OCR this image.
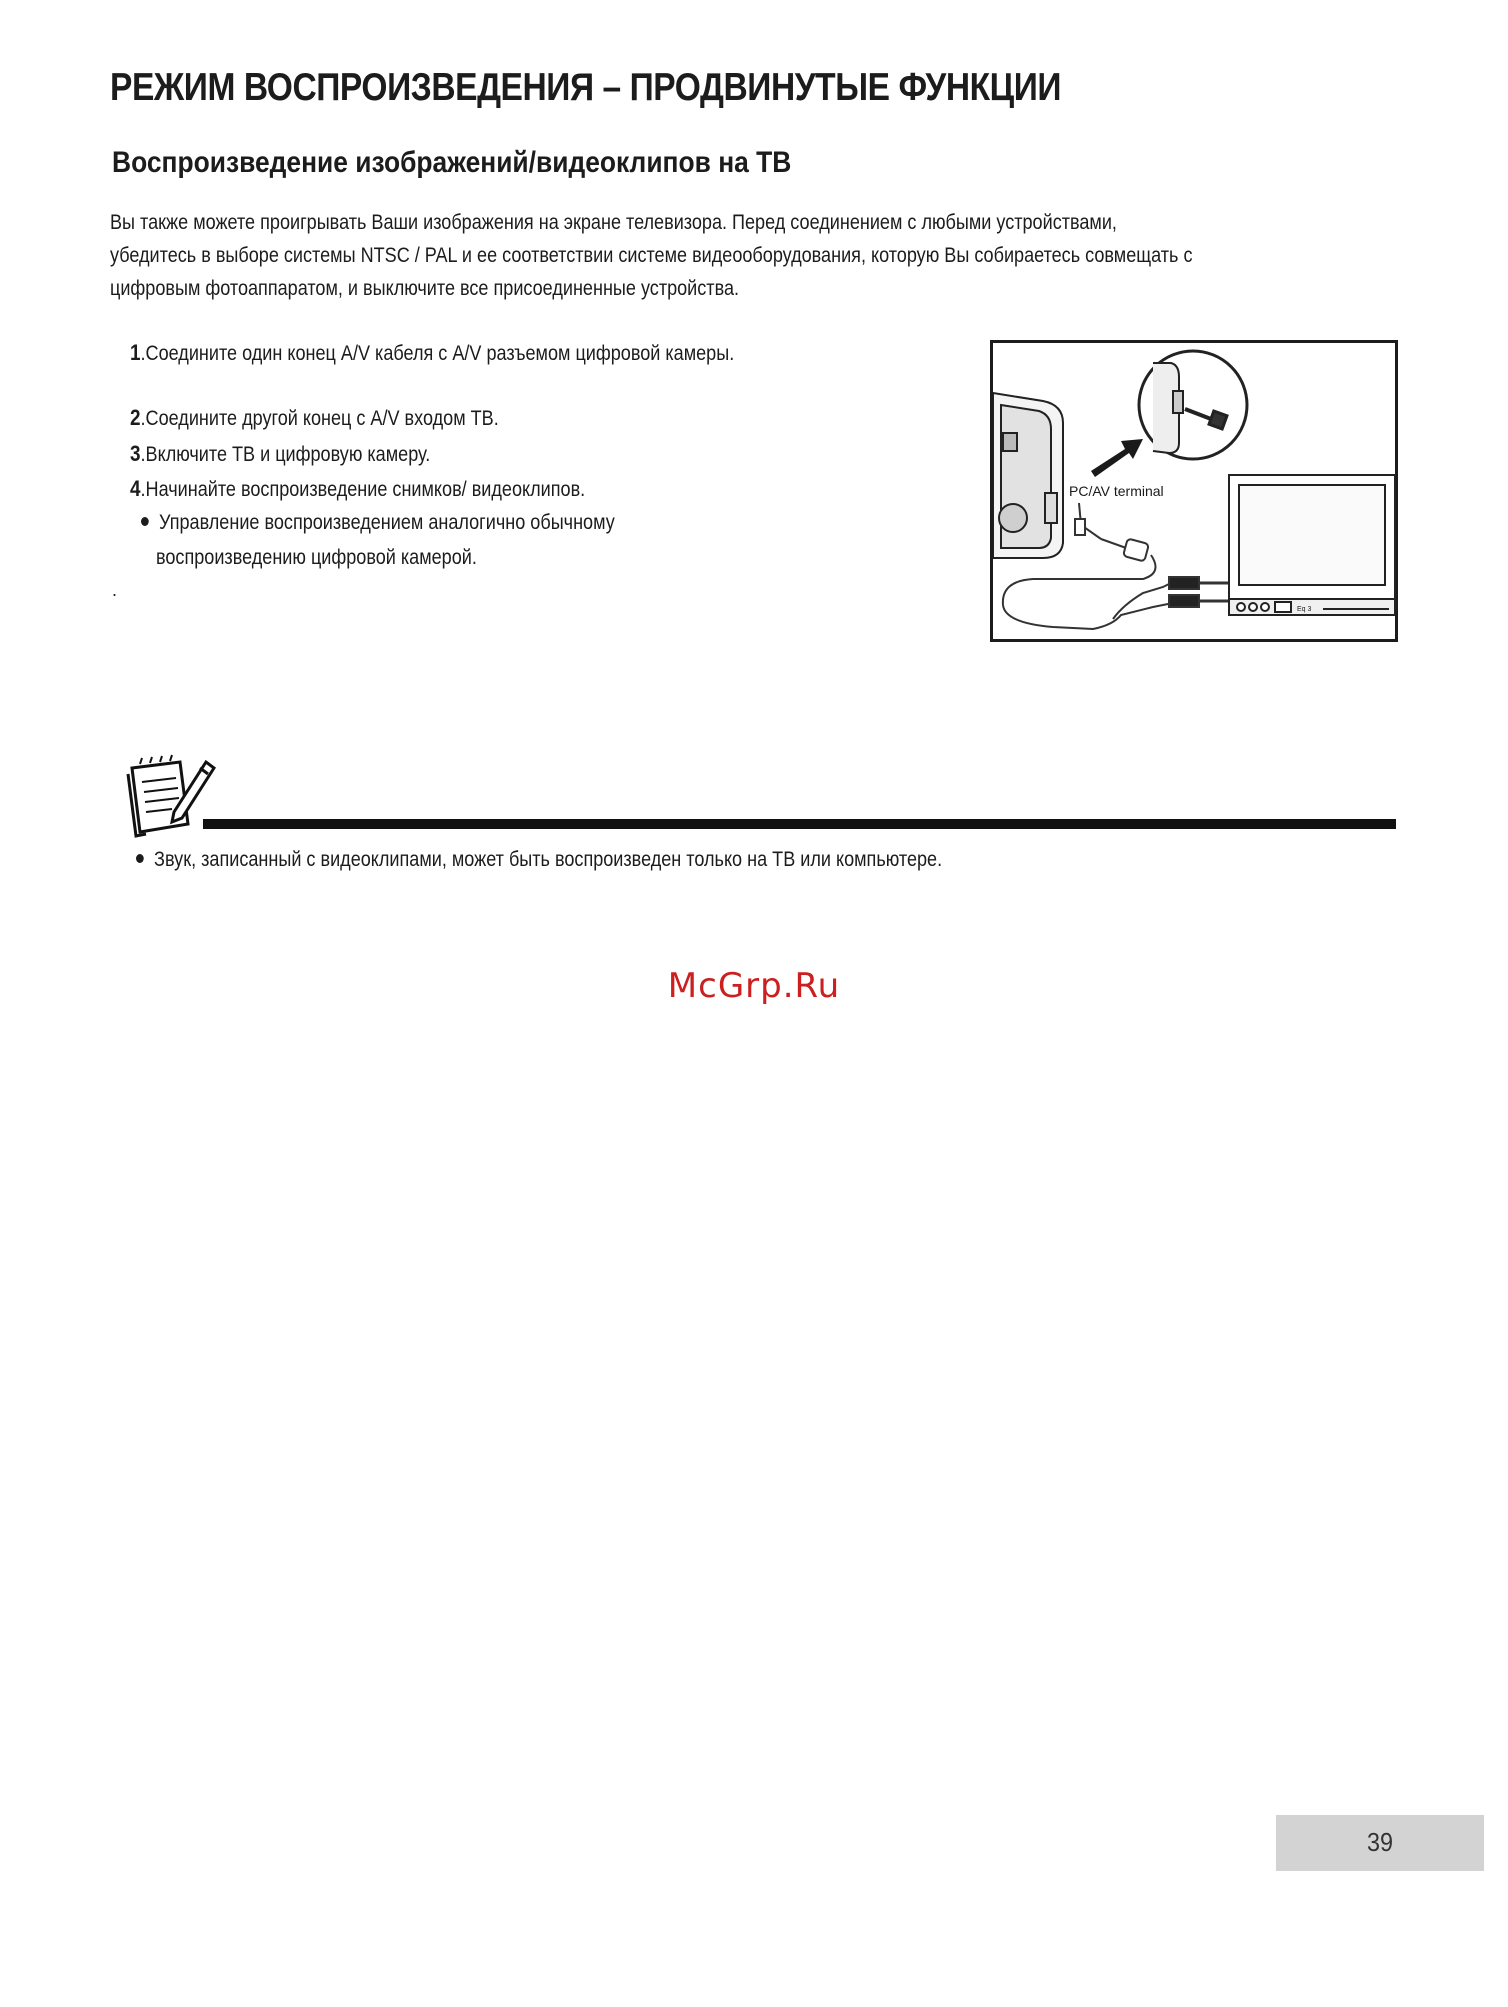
РЕЖИМ ВОСПРОИЗВЕДЕНИЯ – ПРОДВИНУТЫЕ ФУНКЦИИ
Воспроизведение изображений/видеоклипов на ТВ

Вы также можете проигрывать Ваши изображения на экране телевизора. Перед соединением с любыми устройствами,

убедитесь в выборе системы NTSC / PAL и ее соответствии системе видеооборудования, которую Вы собираетесь совмещать с

цифровым фотоаппаратом, и выключите все присоединенные устройства.

1.Соедините один конец A/V кабеля с A/V разъемом цифровой камеры.
2.Соедините другой конец с A/V входом ТВ.
3.Включите ТВ и цифровую камеру.
4.Начинайте воспроизведение снимков/ видеоклипов.
Управление воспроизведением аналогично обычному
воспроизведению цифровой камерой.
.
PC/AV terminal
Eq 3
Звук, записанный с видеоклипами, может быть воспроизведен только на ТВ или компьютере.
McGrp.Ru
39
